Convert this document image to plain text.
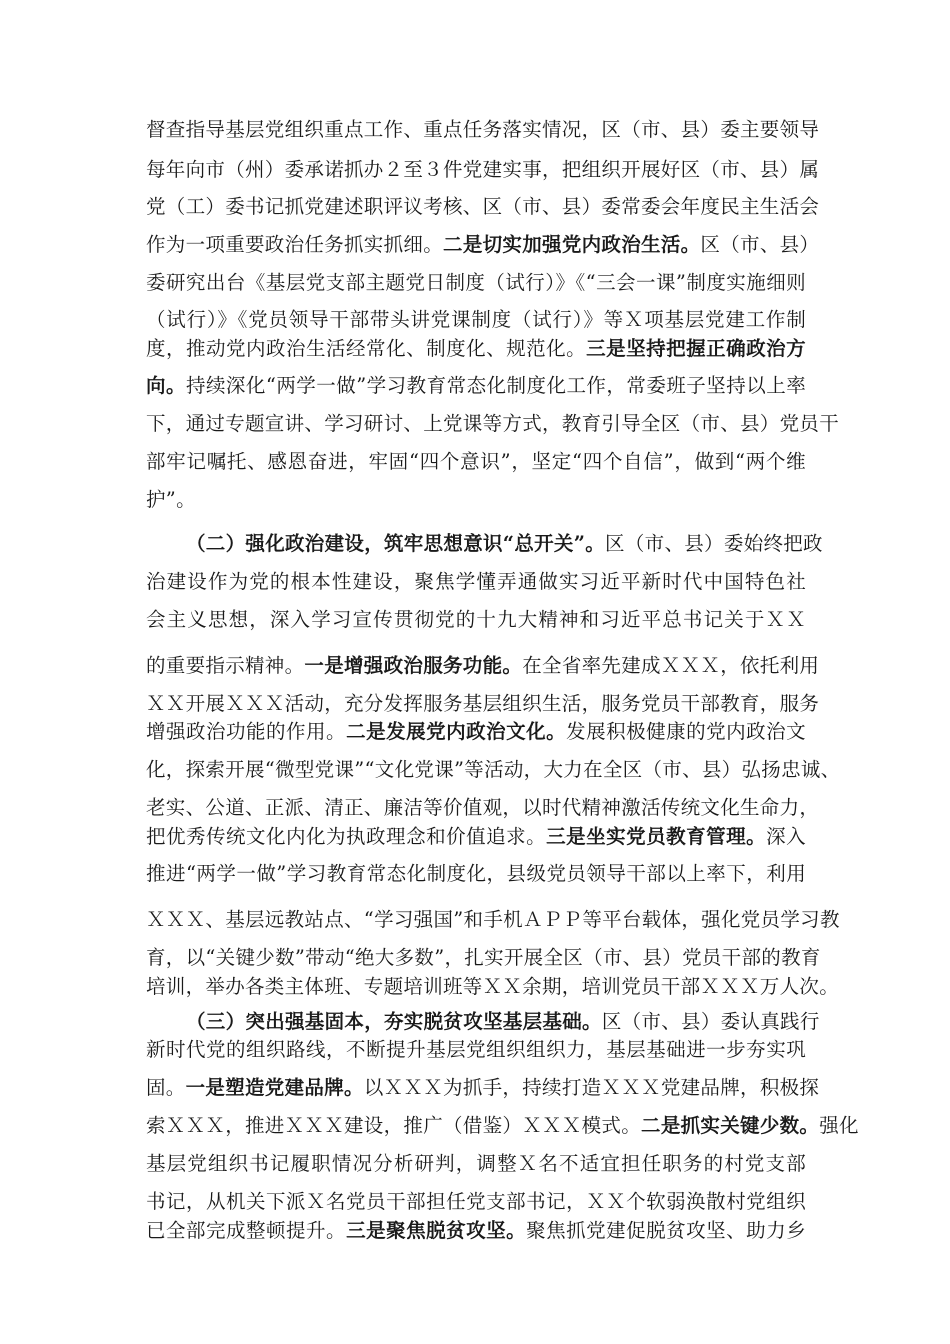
督查指导基层党组织重点工作、重点任务落实情况，区（市、县）委主要领导
每年向市（州）委承诺抓办２至３件党建实事，把组织开展好区（市、县）属
党（工）委书记抓党建述职评议考核、区（市、县）委常委会年度民主生活会
作为一项重要政治任务抓实抓细。二是切实加强党内政治生活。区（市、县）
委研究出台《基层党支部主题党日制度（试行）》《“三会一课”制度实施细则
（试行）》《党员领导干部带头讲党课制度（试行）》等Ｘ项基层党建工作制
度，推动党内政治生活经常化、制度化、规范化。三是坚持把握正确政治方
向。持续深化“两学一做”学习教育常态化制度化工作，常委班子坚持以上率
下，通过专题宣讲、学习研讨、上党课等方式，教育引导全区（市、县）党员干
部牢记嘱托、感恩奋进，牢固“四个意识”，坚定“四个自信”，做到“两个维
护”。
（二）强化政治建设，筑牢思想意识“总开关”。区（市、县）委始终把政
治建设作为党的根本性建设，聚焦学懂弄通做实习近平新时代中国特色社
会主义思想，深入学习宣传贯彻党的十九大精神和习近平总书记关于ＸＸ
的重要指示精神。一是增强政治服务功能。在全省率先建成ＸＸＸ，依托利用
ＸＸ开展ＸＸＸ活动，充分发挥服务基层组织生活，服务党员干部教育，服务
增强政治功能的作用。二是发展党内政治文化。发展积极健康的党内政治文
化，探索开展“微型党课”“文化党课”等活动，大力在全区（市、县）弘扬忠诚、
老实、公道、正派、清正、廉洁等价值观，以时代精神激活传统文化生命力，
把优秀传统文化内化为执政理念和价值追求。三是坐实党员教育管理。深入
推进“两学一做”学习教育常态化制度化，县级党员领导干部以上率下，利用
ＸＸＸ、基层远教站点、“学习强国”和手机ＡＰＰ等平台载体，强化党员学习教
育，以“关键少数”带动“绝大多数”，扎实开展全区（市、县）党员干部的教育
培训，举办各类主体班、专题培训班等ＸＸ余期，培训党员干部ＸＸＸ万人次。
（三）突出强基固本，夯实脱贫攻坚基层基础。区（市、县）委认真践行
新时代党的组织路线，不断提升基层党组织组织力，基层基础进一步夯实巩
固。一是塑造党建品牌。以ＸＸＸ为抓手，持续打造ＸＸＸ党建品牌，积极探
索ＸＸＸ，推进ＸＸＸ建设，推广（借鉴）ＸＸＸ模式。二是抓实关键少数。强化
基层党组织书记履职情况分析研判，调整Ｘ名不适宜担任职务的村党支部
书记，从机关下派Ｘ名党员干部担任党支部书记，ＸＸ个软弱涣散村党组织
已全部完成整顿提升。三是聚焦脱贫攻坚。聚焦抓党建促脱贫攻坚、助力乡
